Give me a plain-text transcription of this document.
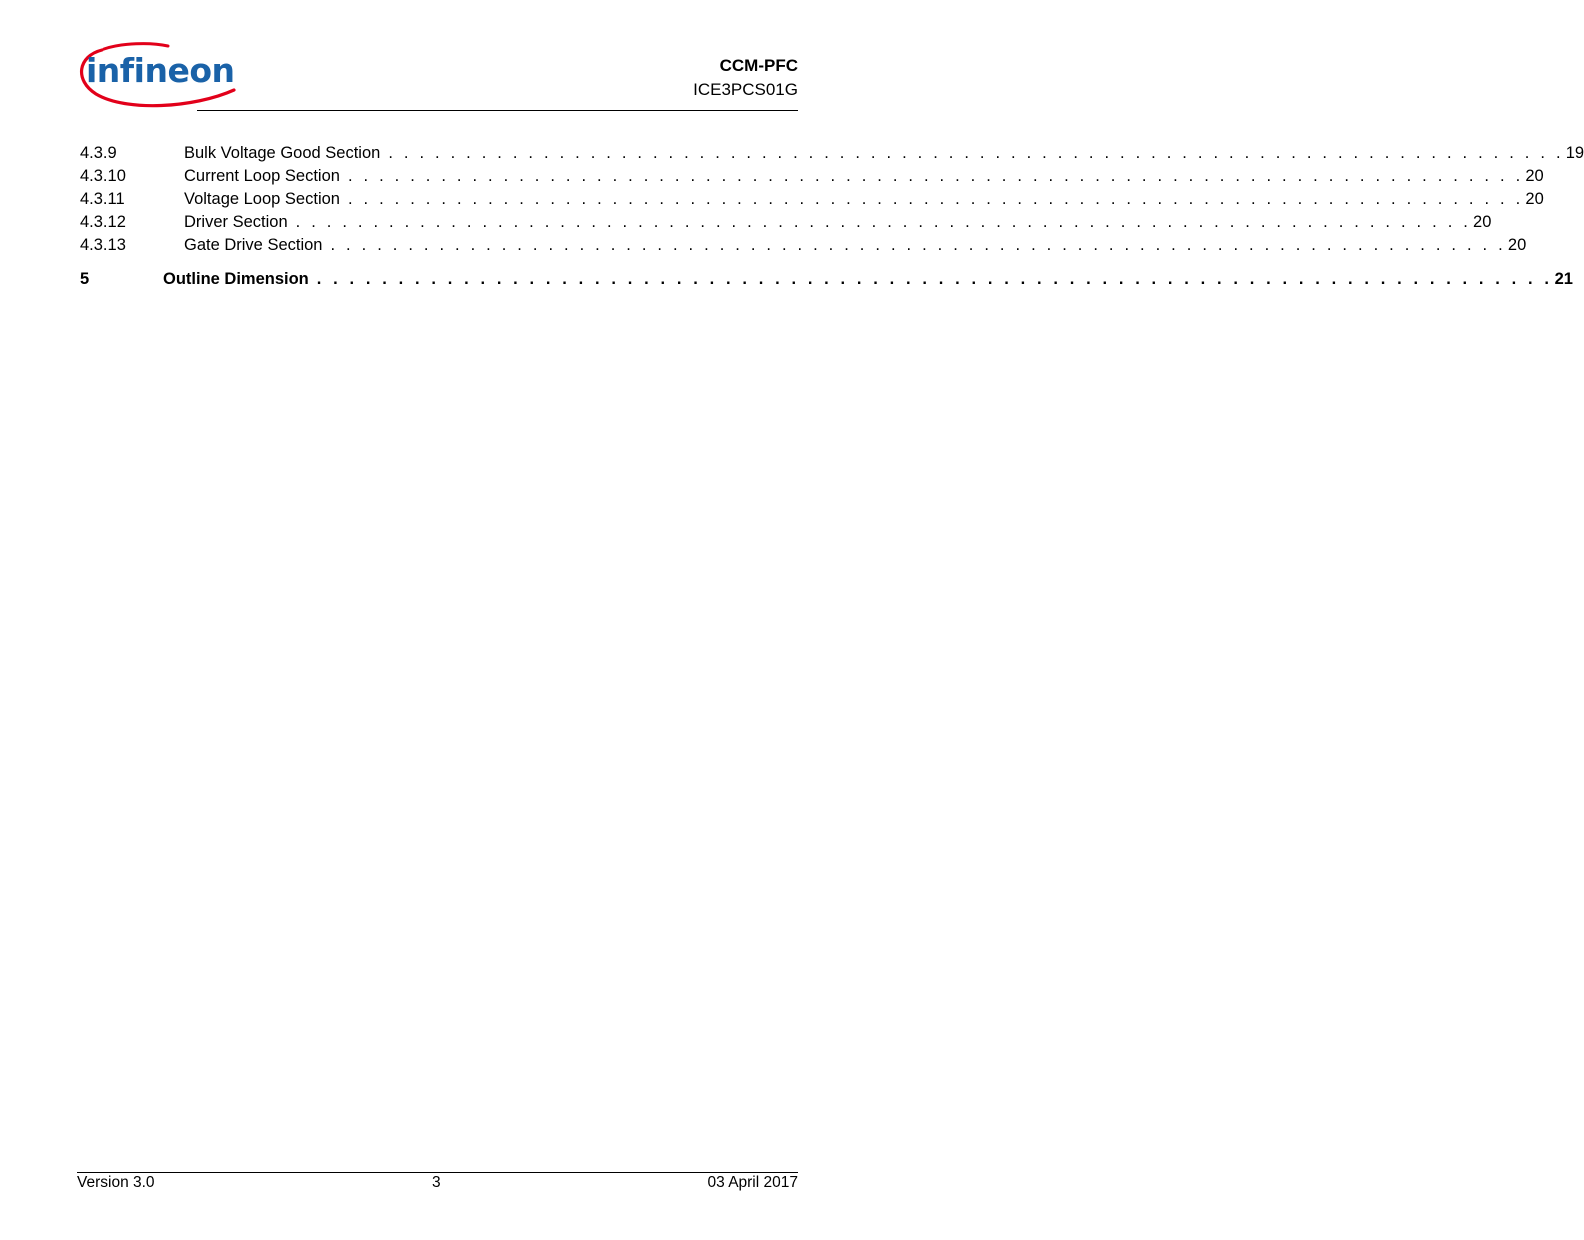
infineon	CCM-PFC
ICE3PCS01G
4.3.9	Bulk Voltage Good Section . . . . . . . . . . . . . . . . . . . . . . . . . . . . . . . . . . . . . . . . . . . . . . . . . . . . . . . . . . . . . . . . . . . . . . . . . . . . 19
4.3.10	Current Loop Section . . . . . . . . . . . . . . . . . . . . . . . . . . . . . . . . . . . . . . . . . . . . . . . . . . . . . . . . . . . . . . . . . . . . . . . . . . . . 20
4.3.11	Voltage Loop Section . . . . . . . . . . . . . . . . . . . . . . . . . . . . . . . . . . . . . . . . . . . . . . . . . . . . . . . . . . . . . . . . . . . . . . . . . . . . 20
4.3.12	Driver Section . . . . . . . . . . . . . . . . . . . . . . . . . . . . . . . . . . . . . . . . . . . . . . . . . . . . . . . . . . . . . . . . . . . . . . . . . . . . 20
4.3.13	Gate Drive Section . . . . . . . . . . . . . . . . . . . . . . . . . . . . . . . . . . . . . . . . . . . . . . . . . . . . . . . . . . . . . . . . . . . . . . . . . . . . 20
5	Outline Dimension . . . . . . . . . . . . . . . . . . . . . . . . . . . . . . . . . . . . . . . . . . . . . . . . . . . . . . . . . . . . . . . . . . . . . . . . . . . . 21
Version 3.0	3	03 April 2017
